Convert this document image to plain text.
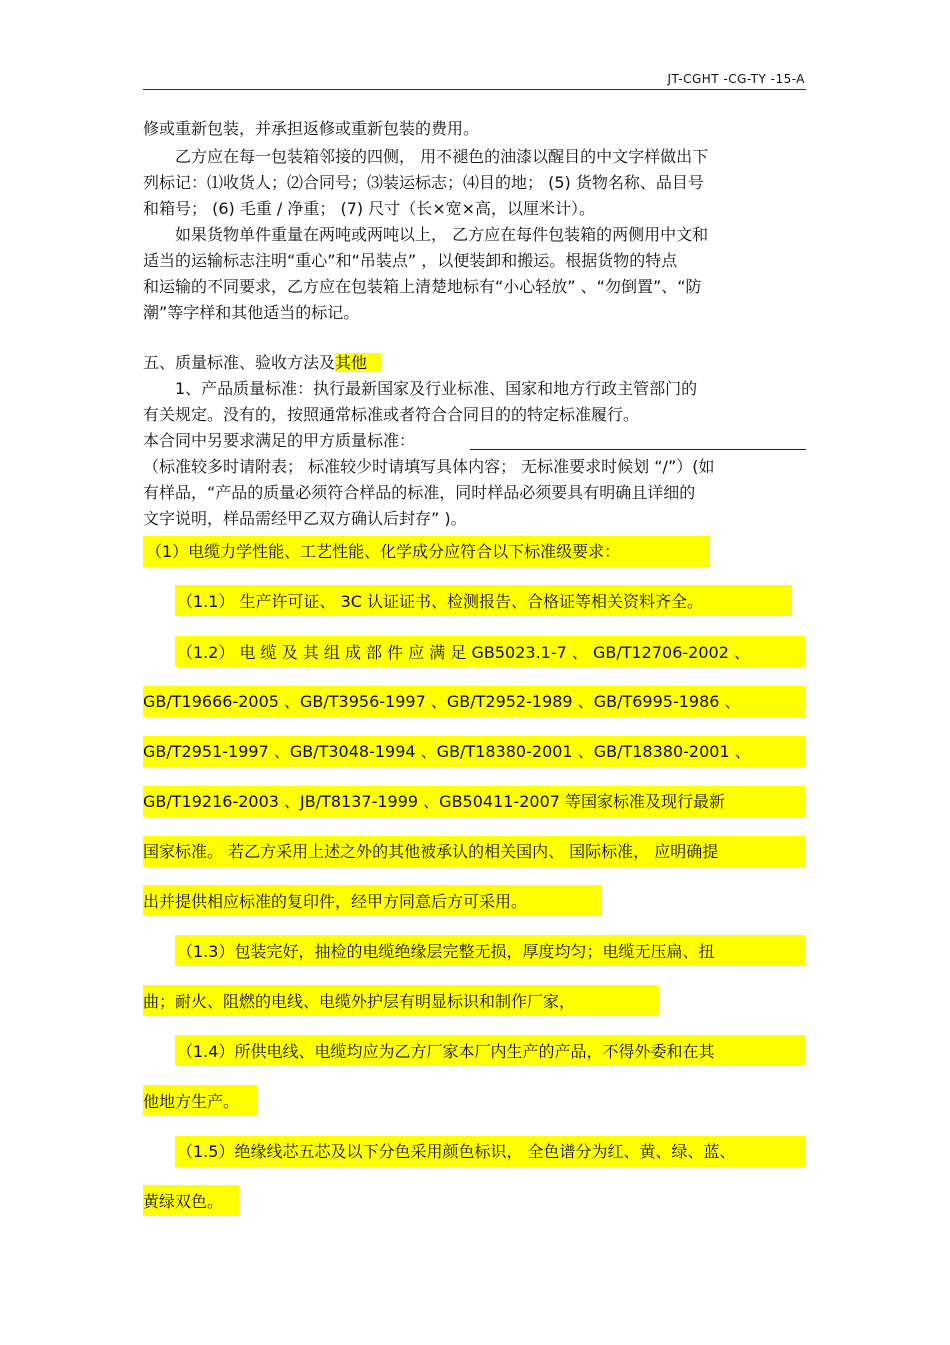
JT-CGHT -CG-TY -15-A
修或重新包装，并承担返修或重新包装的费用。
乙方应在每一包装箱邻接的四侧， 用不褪色的油漆以醒目的中文字样做出下
列标记：⑴收货人；⑵合同号；⑶装运标志；⑷目的地； (5) 货物名称、品目号
和箱号； (6) 毛重 / 净重； (7) 尺寸（长×宽×高，以厘米计）。
如果货物单件重量在两吨或两吨以上， 乙方应在每件包装箱的两侧用中文和
适当的运输标志注明“重心”和“吊装点” ，以便装卸和搬运。根据货物的特点
和运输的不同要求，乙方应在包装箱上清楚地标有“小心轻放” 、“勿倒置”、“防
潮”等字样和其他适当的标记。
五、质量标准、验收方法及其他
1、产品质量标准：执行最新国家及行业标准、国家和地方行政主管部门的
有关规定。没有的，按照通常标准或者符合合同目的的特定标准履行。
本合同中另要求满足的甲方质量标准：
（标准较多时请附表； 标准较少时请填写具体内容； 无标准要求时候划 “/”）(如
有样品，“产品的质量必须符合样品的标准，同时样品必须要具有明确且详细的
文字说明，样品需经甲乙双方确认后封存” )。
（1）电缆力学性能、工艺性能、化学成分应符合以下标准级要求：
（1.1） 生产许可证、 3C 认证证书、检测报告、合格证等相关资料齐全。
（1.2） 电 缆 及 其 组 成 部 件 应 满 足 GB5023.1-7 、 GB/T12706-2002 、
GB/T19666-2005 、GB/T3956-1997 、GB/T2952-1989 、GB/T6995-1986 、
GB/T2951-1997 、GB/T3048-1994 、GB/T18380-2001 、GB/T18380-2001 、
GB/T19216-2003 、JB/T8137-1999 、GB50411-2007 等国家标准及现行最新
国家标准。 若乙方采用上述之外的其他被承认的相关国内、 国际标准， 应明确提
出并提供相应标准的复印件，经甲方同意后方可采用。
（1.3）包装完好，抽检的电缆绝缘层完整无损，厚度均匀；电缆无压扁、扭
曲；耐火、阻燃的电线、电缆外护层有明显标识和制作厂家，
（1.4）所供电线、电缆均应为乙方厂家本厂内生产的产品，不得外委和在其
他地方生产。
（1.5）绝缘线芯五芯及以下分色采用颜色标识， 全色谱分为红、黄、绿、蓝、
黄绿双色。
